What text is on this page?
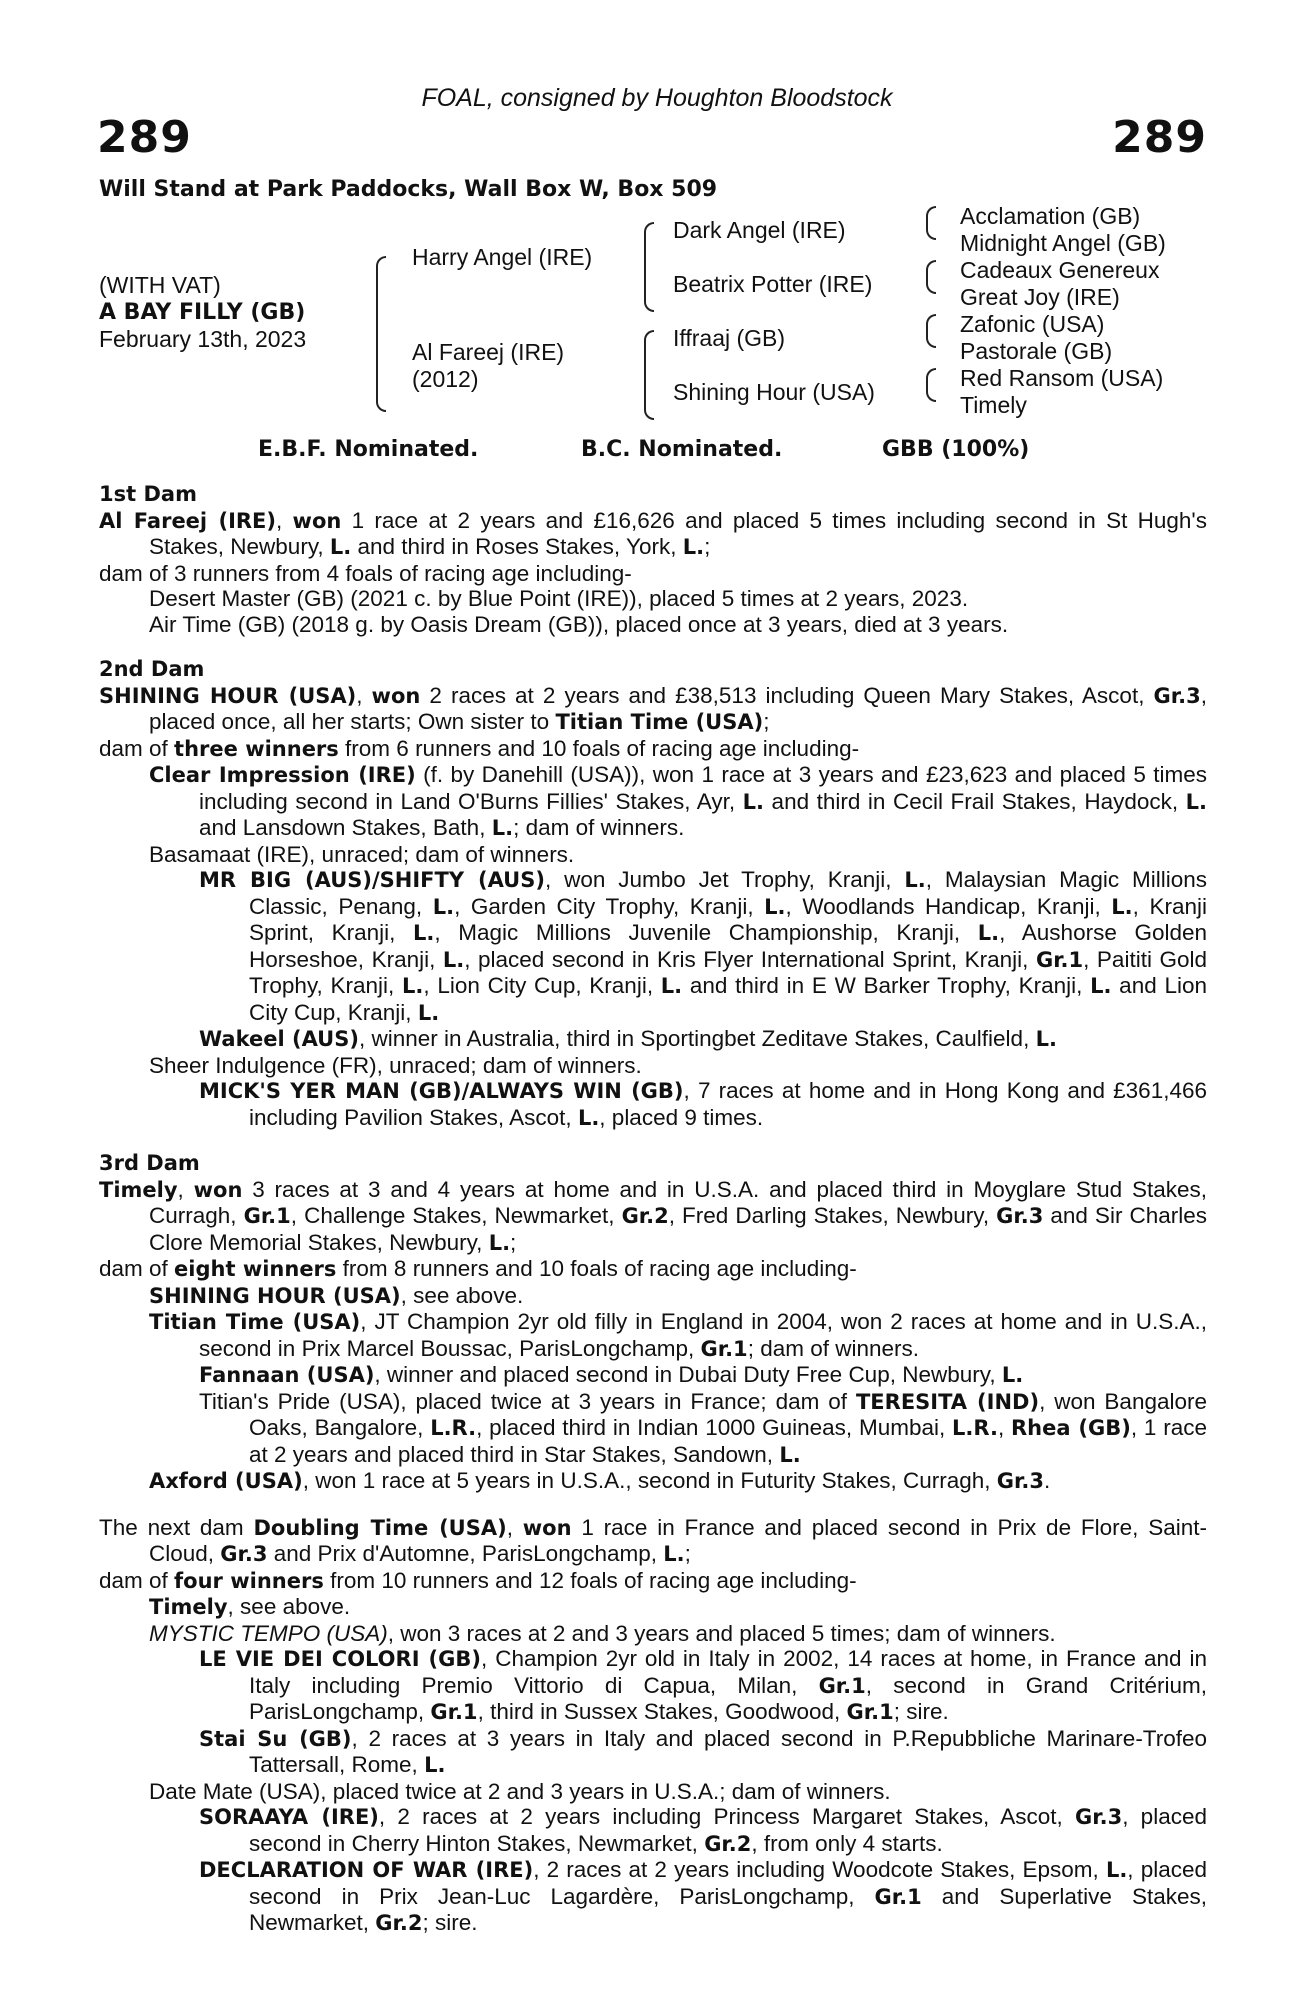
FOAL, consigned by Houghton Bloodstock
289	289
Will Stand at Park Paddocks, Wall Box W, Box 509
(WITH VAT)
A BAY FILLY (GB)
February 13th, 2023
Harry Angel (IRE)
Al Fareej (IRE)
(2012)
Dark Angel (IRE)
Beatrix Potter (IRE)
Iffraaj (GB)
Shining Hour (USA)
Acclamation (GB)
Midnight Angel (GB)
Cadeaux Genereux
Great Joy (IRE)
Zafonic (USA)
Pastorale (GB)
Red Ransom (USA)
Timely
E.B.F. Nominated.	B.C. Nominated.	GBB (100%)
1st Dam

Al Fareej (IRE), won 1 race at 2 years and £16,626 and placed 5 times including second in St Hugh's Stakes, Newbury, L. and third in Roses Stakes, York, L.;

dam of 3 runners from 4 foals of racing age including-

Desert Master (GB) (2021 c. by Blue Point (IRE)), placed 5 times at 2 years, 2023.

Air Time (GB) (2018 g. by Oasis Dream (GB)), placed once at 3 years, died at 3 years.

2nd Dam

SHINING HOUR (USA), won 2 races at 2 years and £38,513 including Queen Mary Stakes, Ascot, Gr.3, placed once, all her starts; Own sister to Titian Time (USA);

dam of three winners from 6 runners and 10 foals of racing age including-

Clear Impression (IRE) (f. by Danehill (USA)), won 1 race at 3 years and £23,623 and placed 5 times including second in Land O'Burns Fillies' Stakes, Ayr, L. and third in Cecil Frail Stakes, Haydock, L. and Lansdown Stakes, Bath, L.; dam of winners.

Basamaat (IRE), unraced; dam of winners.

MR BIG (AUS)/SHIFTY (AUS), won Jumbo Jet Trophy, Kranji, L., Malaysian Magic Millions Classic, Penang, L., Garden City Trophy, Kranji, L., Woodlands Handicap, Kranji, L., Kranji Sprint, Kranji, L., Magic Millions Juvenile Championship, Kranji, L., Aushorse Golden Horseshoe, Kranji, L., placed second in Kris Flyer International Sprint, Kranji, Gr.1, Paititi Gold Trophy, Kranji, L., Lion City Cup, Kranji, L. and third in E W Barker Trophy, Kranji, L. and Lion City Cup, Kranji, L.

Wakeel (AUS), winner in Australia, third in Sportingbet Zeditave Stakes, Caulfield, L.

Sheer Indulgence (FR), unraced; dam of winners.

MICK'S YER MAN (GB)/ALWAYS WIN (GB), 7 races at home and in Hong Kong and £361,466 including Pavilion Stakes, Ascot, L., placed 9 times.

3rd Dam

Timely, won 3 races at 3 and 4 years at home and in U.S.A. and placed third in Moyglare Stud Stakes, Curragh, Gr.1, Challenge Stakes, Newmarket, Gr.2, Fred Darling Stakes, Newbury, Gr.3 and Sir Charles Clore Memorial Stakes, Newbury, L.;

dam of eight winners from 8 runners and 10 foals of racing age including-

SHINING HOUR (USA), see above.

Titian Time (USA), JT Champion 2yr old filly in England in 2004, won 2 races at home and in U.S.A., second in Prix Marcel Boussac, ParisLongchamp, Gr.1; dam of winners.

Fannaan (USA), winner and placed second in Dubai Duty Free Cup, Newbury, L.

Titian's Pride (USA), placed twice at 3 years in France; dam of TERESITA (IND), won Bangalore Oaks, Bangalore, L.R., placed third in Indian 1000 Guineas, Mumbai, L.R., Rhea (GB), 1 race at 2 years and placed third in Star Stakes, Sandown, L.

Axford (USA), won 1 race at 5 years in U.S.A., second in Futurity Stakes, Curragh, Gr.3.

The next dam Doubling Time (USA), won 1 race in France and placed second in Prix de Flore, Saint-Cloud, Gr.3 and Prix d'Automne, ParisLongchamp, L.;

dam of four winners from 10 runners and 12 foals of racing age including-

Timely, see above.

MYSTIC TEMPO (USA), won 3 races at 2 and 3 years and placed 5 times; dam of winners.

LE VIE DEI COLORI (GB), Champion 2yr old in Italy in 2002, 14 races at home, in France and in Italy including Premio Vittorio di Capua, Milan, Gr.1, second in Grand Critérium, ParisLongchamp, Gr.1, third in Sussex Stakes, Goodwood, Gr.1; sire.

Stai Su (GB), 2 races at 3 years in Italy and placed second in P.Repubbliche Marinare-Trofeo Tattersall, Rome, L.

Date Mate (USA), placed twice at 2 and 3 years in U.S.A.; dam of winners.

SORAAYA (IRE), 2 races at 2 years including Princess Margaret Stakes, Ascot, Gr.3, placed second in Cherry Hinton Stakes, Newmarket, Gr.2, from only 4 starts.

DECLARATION OF WAR (IRE), 2 races at 2 years including Woodcote Stakes, Epsom, L., placed second in Prix Jean-Luc Lagardère, ParisLongchamp, Gr.1 and Superlative Stakes, Newmarket, Gr.2; sire.
